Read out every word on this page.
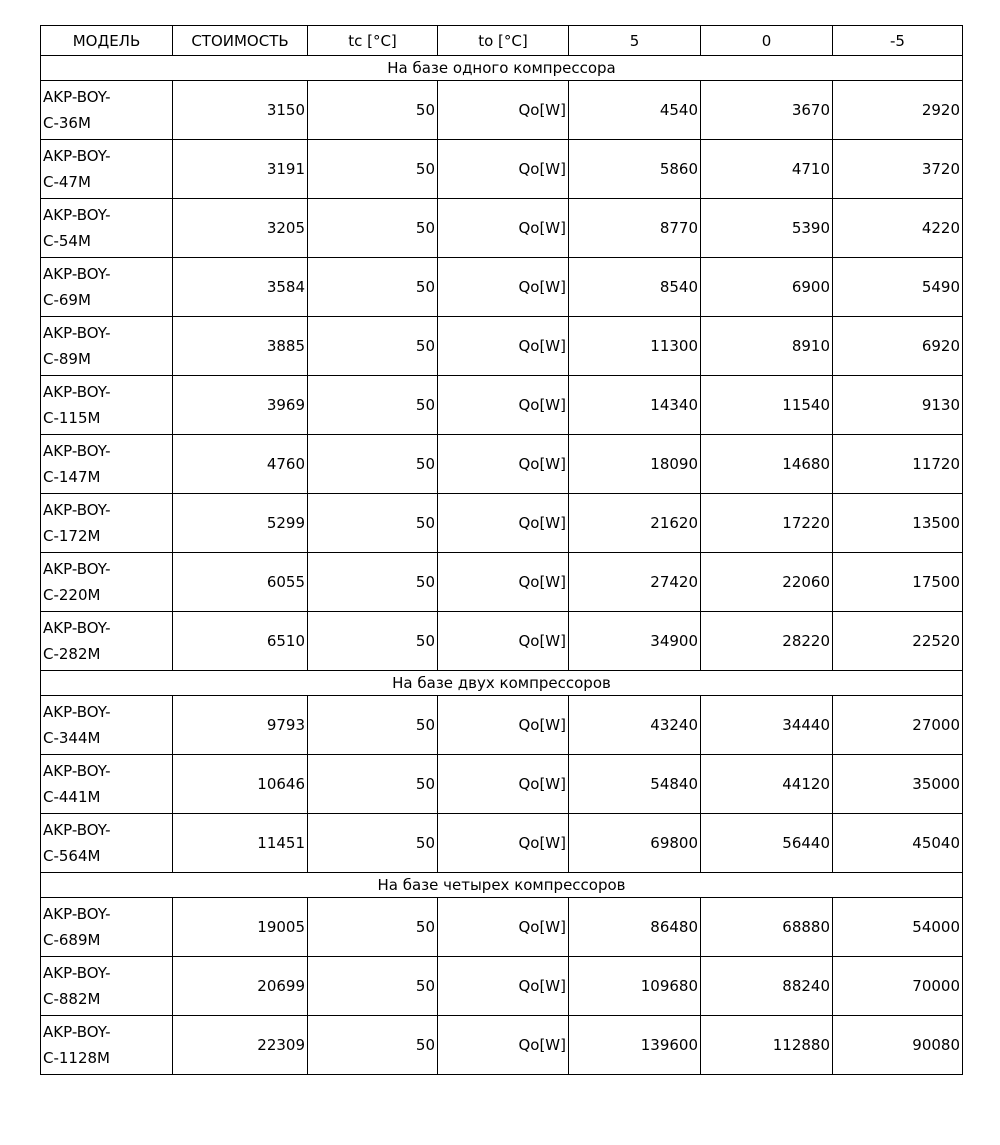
МОДЕЛЬ	СТОИМОСТЬ	tc [°C]	to [°C]	5	0	-5
На базе одного компрессора						

AKP-BOY-
C-36M	3150	50	Qo[W]	4540	3670	2920

AKP-BOY-
C-47M	3191	50	Qo[W]	5860	4710	3720

AKP-BOY-
C-54M	3205	50	Qo[W]	8770	5390	4220

AKP-BOY-
C-69M	3584	50	Qo[W]	8540	6900	5490

AKP-BOY-
C-89M	3885	50	Qo[W]	11300	8910	6920

AKP-BOY-
C-115M	3969	50	Qo[W]	14340	11540	9130

AKP-BOY-
C-147M	4760	50	Qo[W]	18090	14680	11720

AKP-BOY-
C-172M	5299	50	Qo[W]	21620	17220	13500

AKP-BOY-
C-220M	6055	50	Qo[W]	27420	22060	17500

AKP-BOY-
C-282M	6510	50	Qo[W]	34900	28220	22520
На базе двух компрессоров						

AKP-BOY-
C-344M	9793	50	Qo[W]	43240	34440	27000

AKP-BOY-
C-441M	10646	50	Qo[W]	54840	44120	35000

AKP-BOY-
C-564M	11451	50	Qo[W]	69800	56440	45040
На базе четырех компрессоров						

AKP-BOY-
C-689M	19005	50	Qo[W]	86480	68880	54000

AKP-BOY-
C-882M	20699	50	Qo[W]	109680	88240	70000

AKP-BOY-
C-1128M	22309	50	Qo[W]	139600	112880	90080
